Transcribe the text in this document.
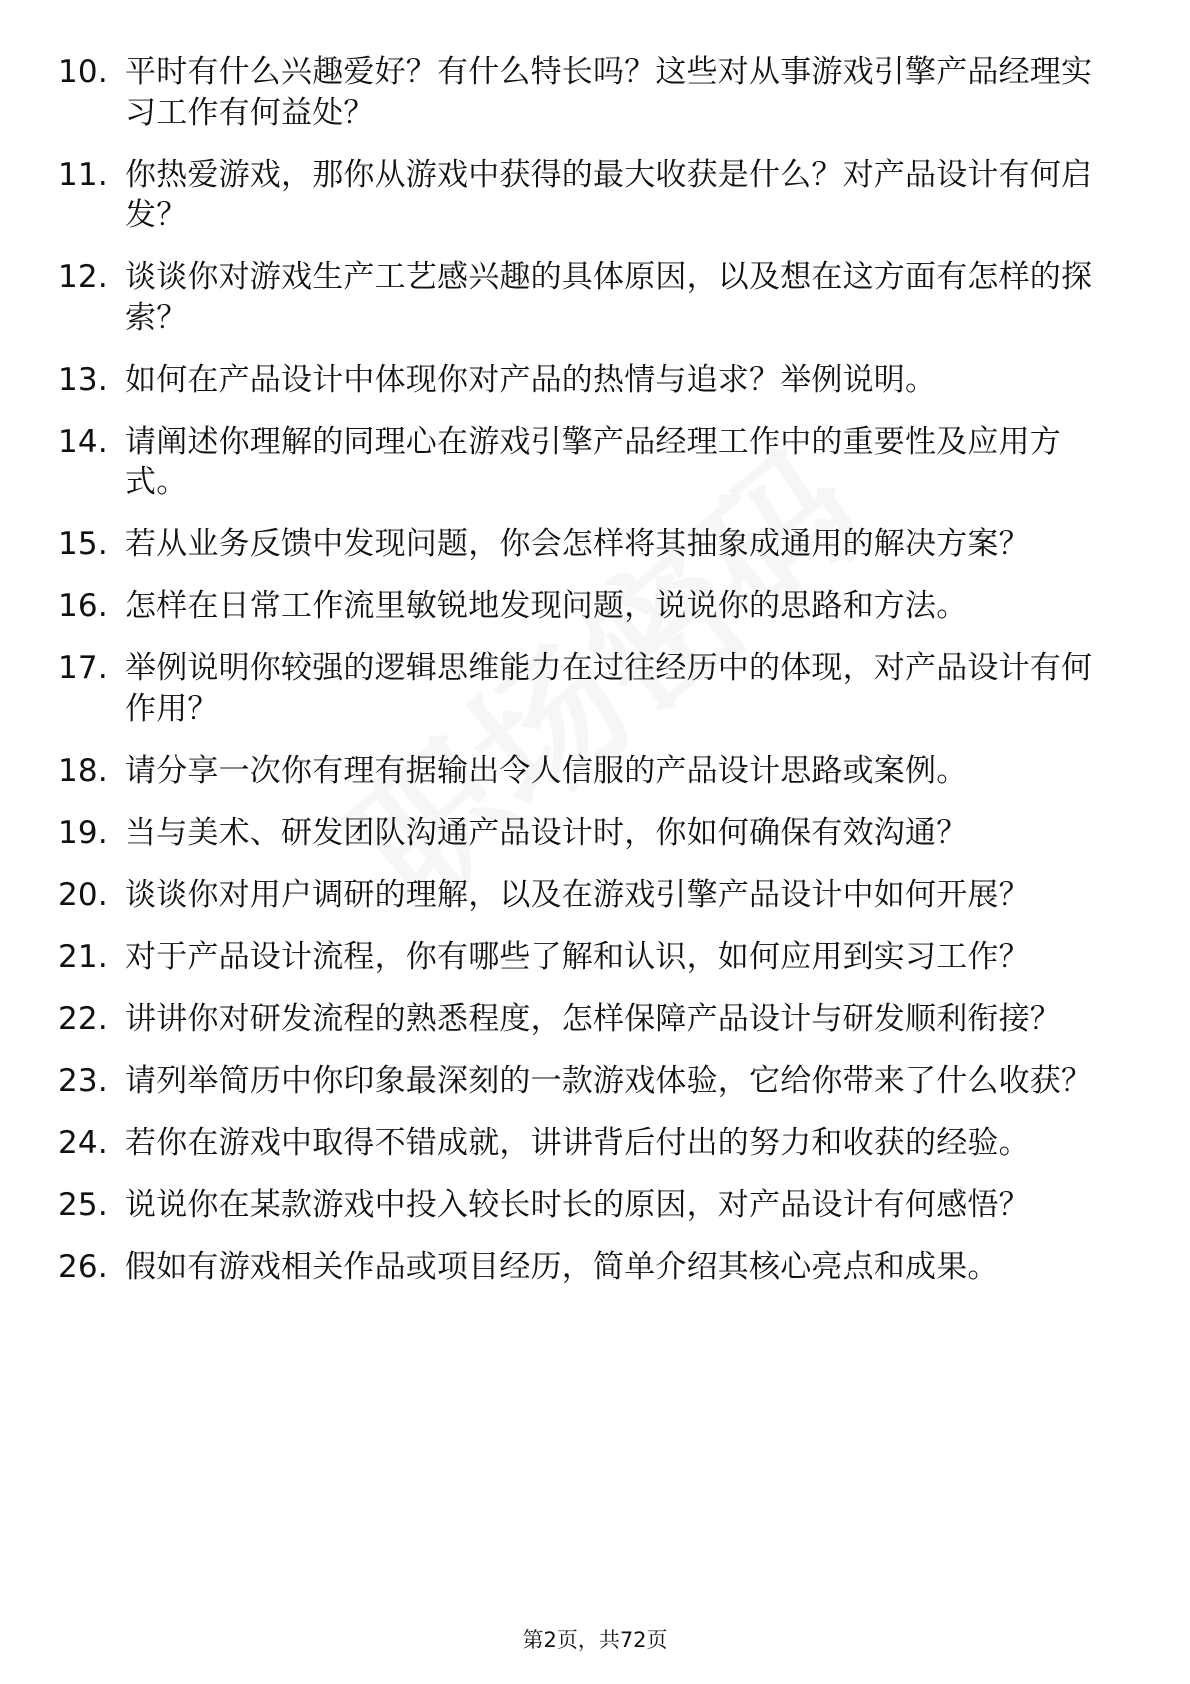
10. 平时有什么兴趣爱好？有什么特长吗？这些对从事游戏引擎产品经理实习工作有何益处？
11. 你热爱游戏，那你从游戏中获得的最大收获是什么？对产品设计有何启发？
12. 谈谈你对游戏生产工艺感兴趣的具体原因，以及想在这方面有怎样的探索？
13. 如何在产品设计中体现你对产品的热情与追求？举例说明。
14. 请阐述你理解的同理心在游戏引擎产品经理工作中的重要性及应用方式。
15. 若从业务反馈中发现问题，你会怎样将其抽象成通用的解决方案？
16. 怎样在日常工作流里敏锐地发现问题，说说你的思路和方法。
17. 举例说明你较强的逻辑思维能力在过往经历中的体现，对产品设计有何作用？
18. 请分享一次你有理有据输出令人信服的产品设计思路或案例。
19. 当与美术、研发团队沟通产品设计时，你如何确保有效沟通？
20. 谈谈你对用户调研的理解，以及在游戏引擎产品设计中如何开展？
21. 对于产品设计流程，你有哪些了解和认识，如何应用到实习工作？
22. 讲讲你对研发流程的熟悉程度，怎样保障产品设计与研发顺利衔接？
23. 请列举简历中你印象最深刻的一款游戏体验，它给你带来了什么收获？
24. 若你在游戏中取得不错成就，讲讲背后付出的努力和收获的经验。
25. 说说你在某款游戏中投入较长时长的原因，对产品设计有何感悟？
26. 假如有游戏相关作品或项目经历，简单介绍其核心亮点和成果。
第2页，共72页
